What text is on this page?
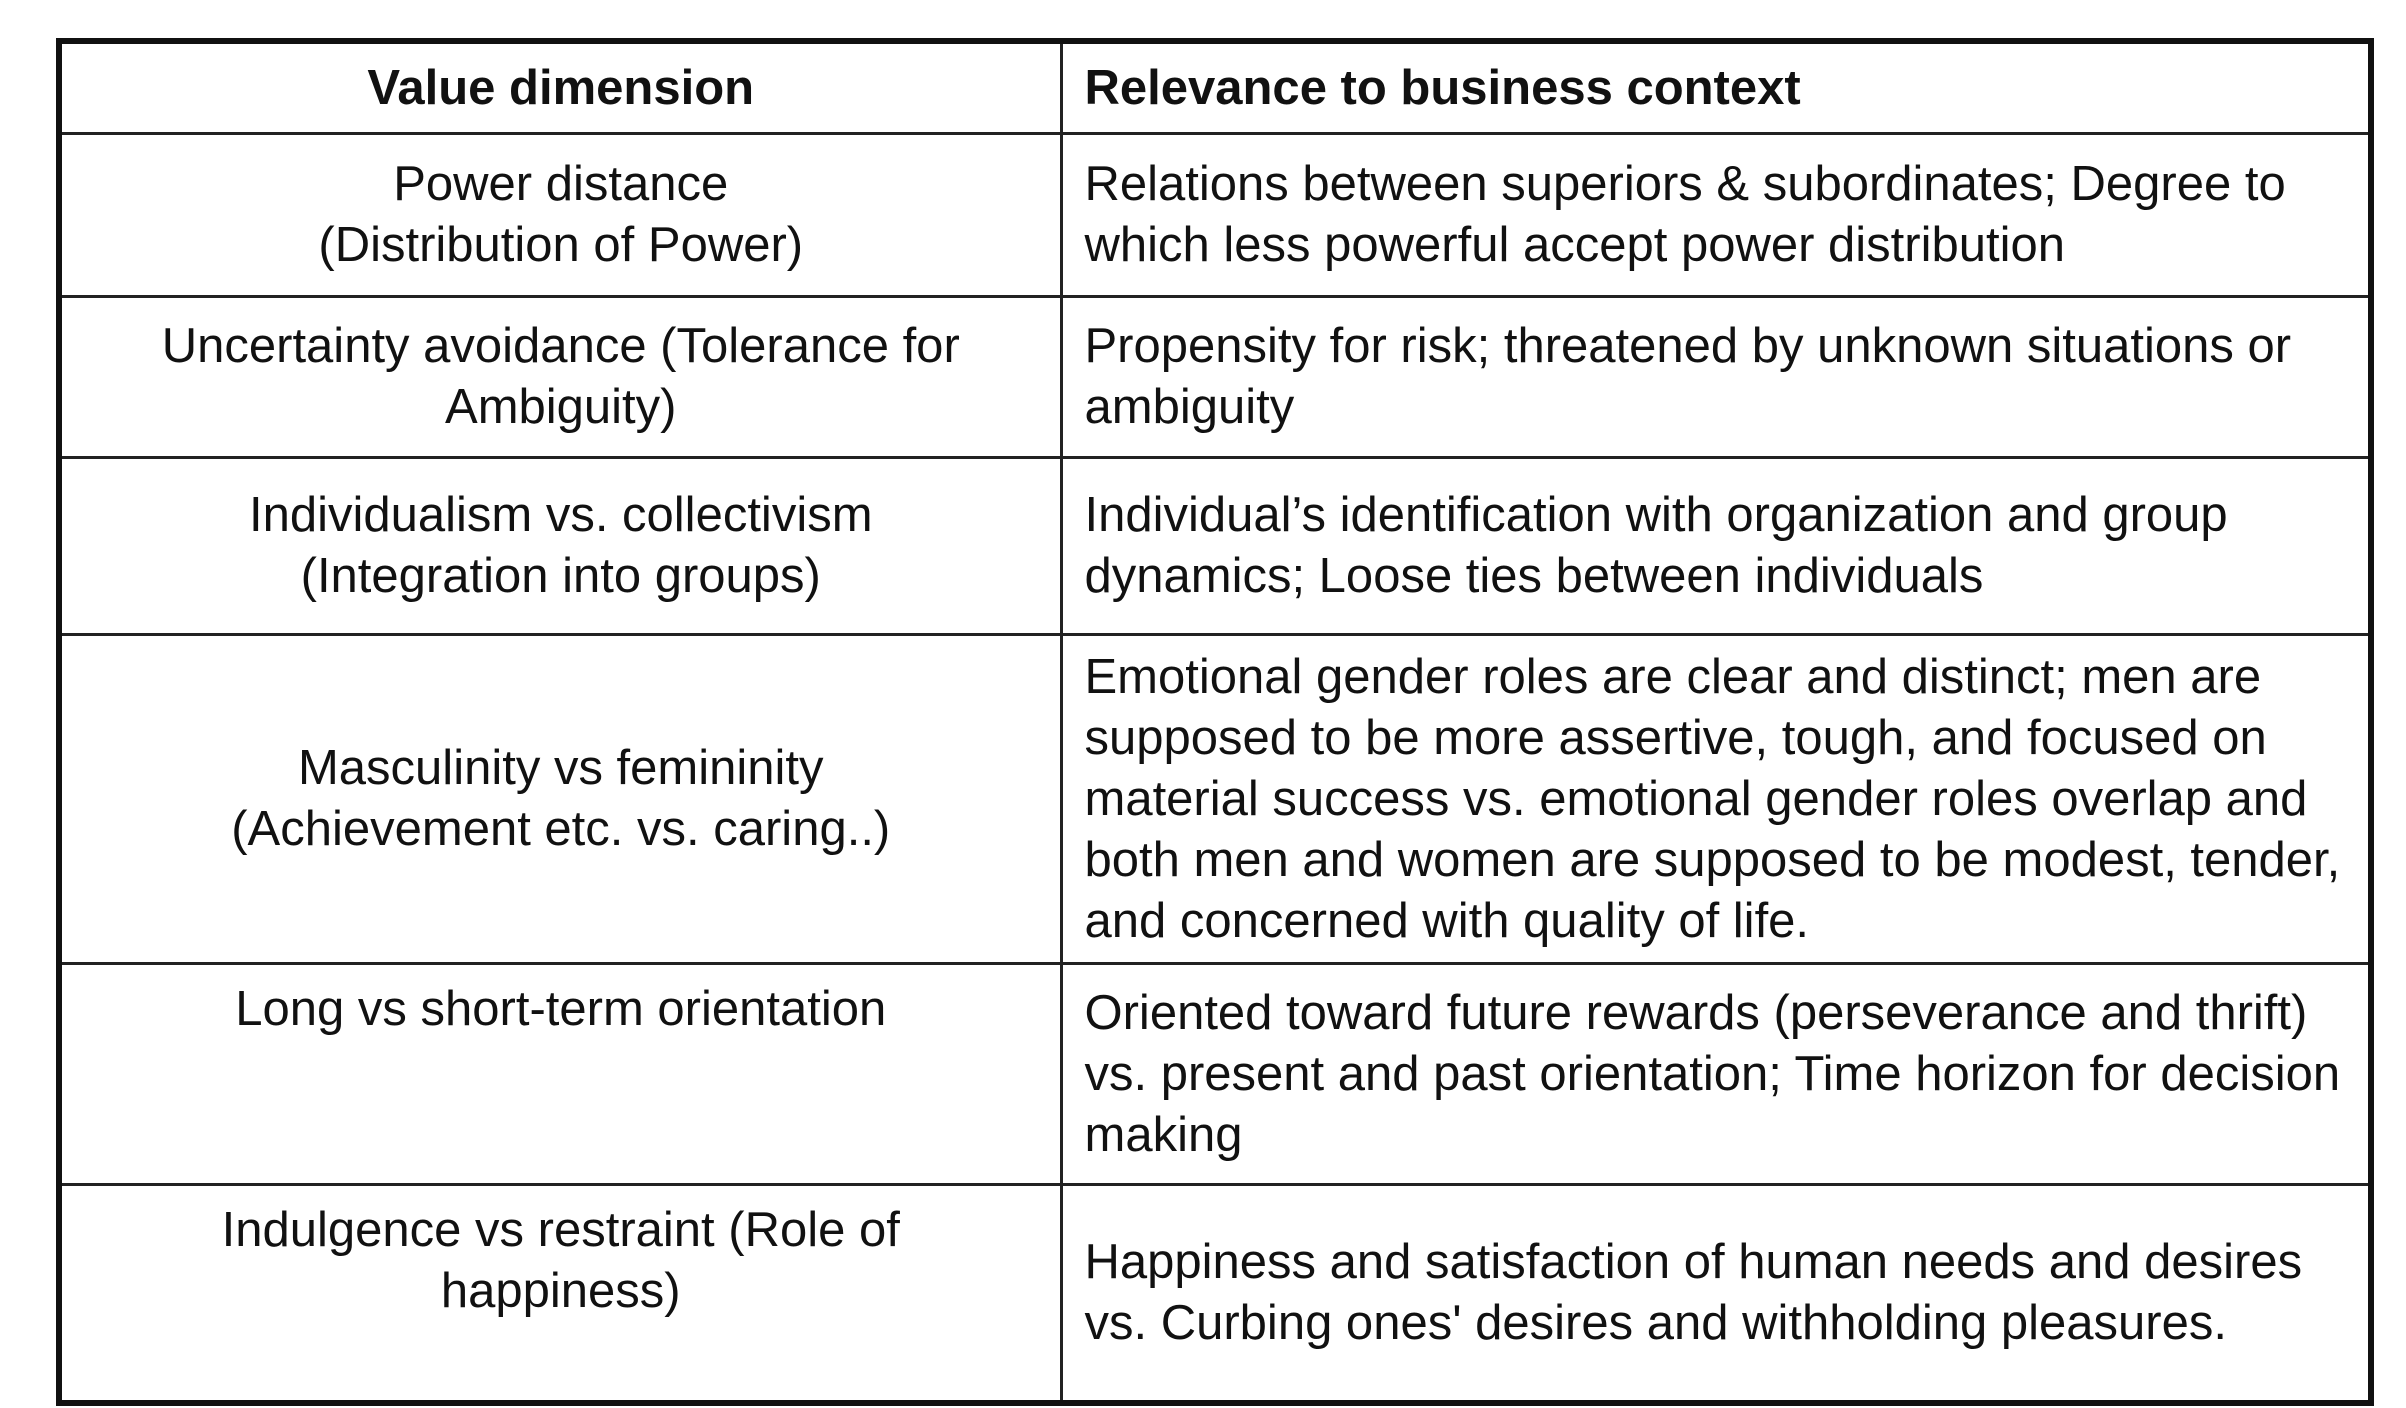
Value dimension	Relevance to business context

Power distance
(Distribution of Power)	Relations between superiors & subordinates; Degree to which less powerful accept power distribution

Uncertainty avoidance (Tolerance for
Ambiguity)	Propensity for risk; threatened by unknown situations or ambiguity

Individualism vs. collectivism
(Integration into groups)	Individual’s identification with organization and group dynamics; Loose ties between individuals

Masculinity vs femininity
(Achievement etc. vs. caring..)	Emotional gender roles are clear and distinct; men are supposed to be more assertive, tough, and focused on material success vs. emotional gender roles overlap and both men and women are supposed to be modest, tender, and concerned with quality of life.

Long vs short-term orientation	Oriented toward future rewards (perseverance and thrift) vs. present and past orientation; Time horizon for decision making

Indulgence vs restraint (Role of
happiness)	Happiness and satisfaction of human needs and desires vs. Curbing ones' desires and withholding pleasures.
